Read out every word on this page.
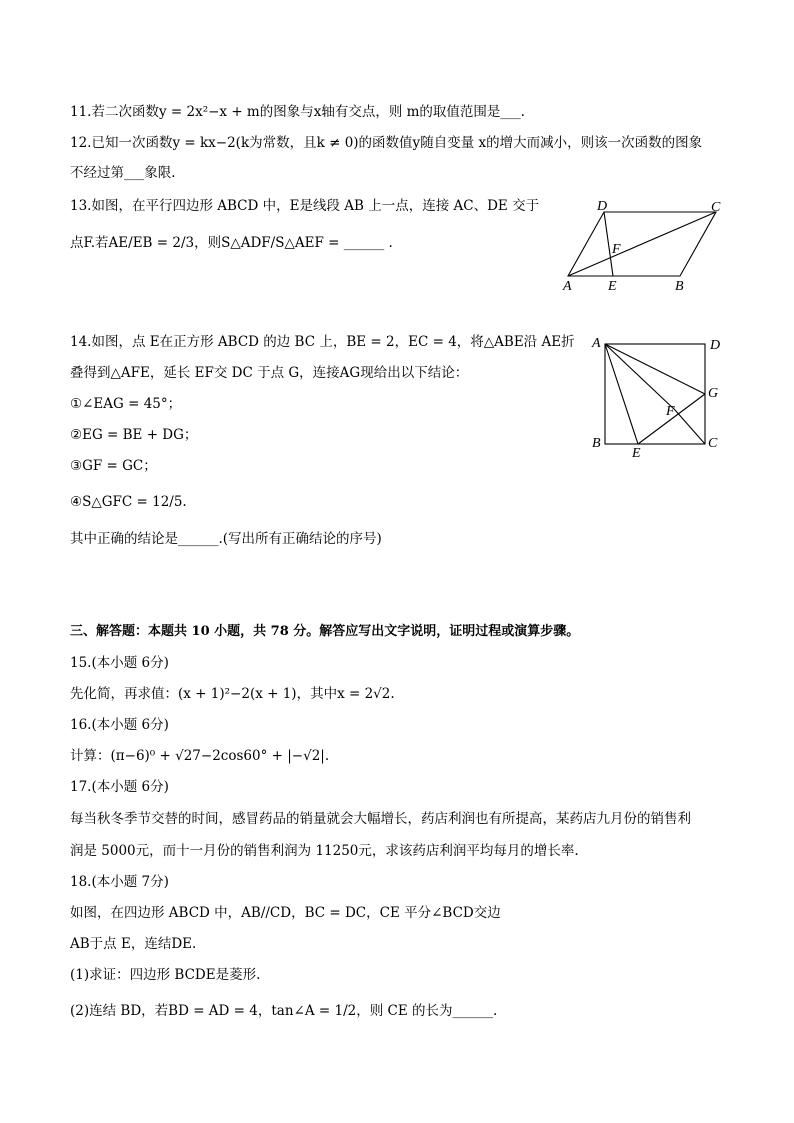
11.若二次函数y = 2x²−x + m的图象与x轴有交点，则 m的取值范围是___.
12.已知一次函数y = kx−2(k为常数，且k ≠ 0)的函数值y随自变量 x的增大而减小，则该一次函数的图象
不经过第___象限.
13.如图，在平行四边形 ABCD 中，E是线段 AB 上一点，连接 AC、DE 交于
点F.若AE/EB = 2/3，则S△ADF/S△AEF = ______ .
D	C
F
A	E	B
14.如图，点 E在正方形 ABCD 的边 BC 上，BE = 2，EC = 4，将△ABE沿 AE折
叠得到△AFE，延长 EF交 DC 于点 G，连接AG现给出以下结论：
①∠EAG = 45°；
②EG = BE + DG；
③GF = GC；
④S△GFC = 12/5.
其中正确的结论是______.(写出所有正确结论的序号)
A	D
G
F
B
E
C
三、解答题：本题共 10 小题，共 78 分。解答应写出文字说明，证明过程或演算步骤。
15.(本小题 6分)
先化简，再求值：(x + 1)²−2(x + 1)，其中x = 2√2.
16.(本小题 6分)
计算：(π−6)⁰ + √27−2cos60° + |−√2|.
17.(本小题 6分)
每当秋冬季节交替的时间，感冒药品的销量就会大幅增长，药店利润也有所提高，某药店九月份的销售利
润是 5000元，而十一月份的销售利润为 11250元，求该药店利润平均每月的增长率.
18.(本小题 7分)
如图，在四边形 ABCD 中，AB//CD，BC = DC，CE 平分∠BCD交边
AB于点 E，连结DE.
(1)求证：四边形 BCDE是菱形.
(2)连结 BD，若BD = AD = 4，tan∠A = 1/2，则 CE 的长为______.
